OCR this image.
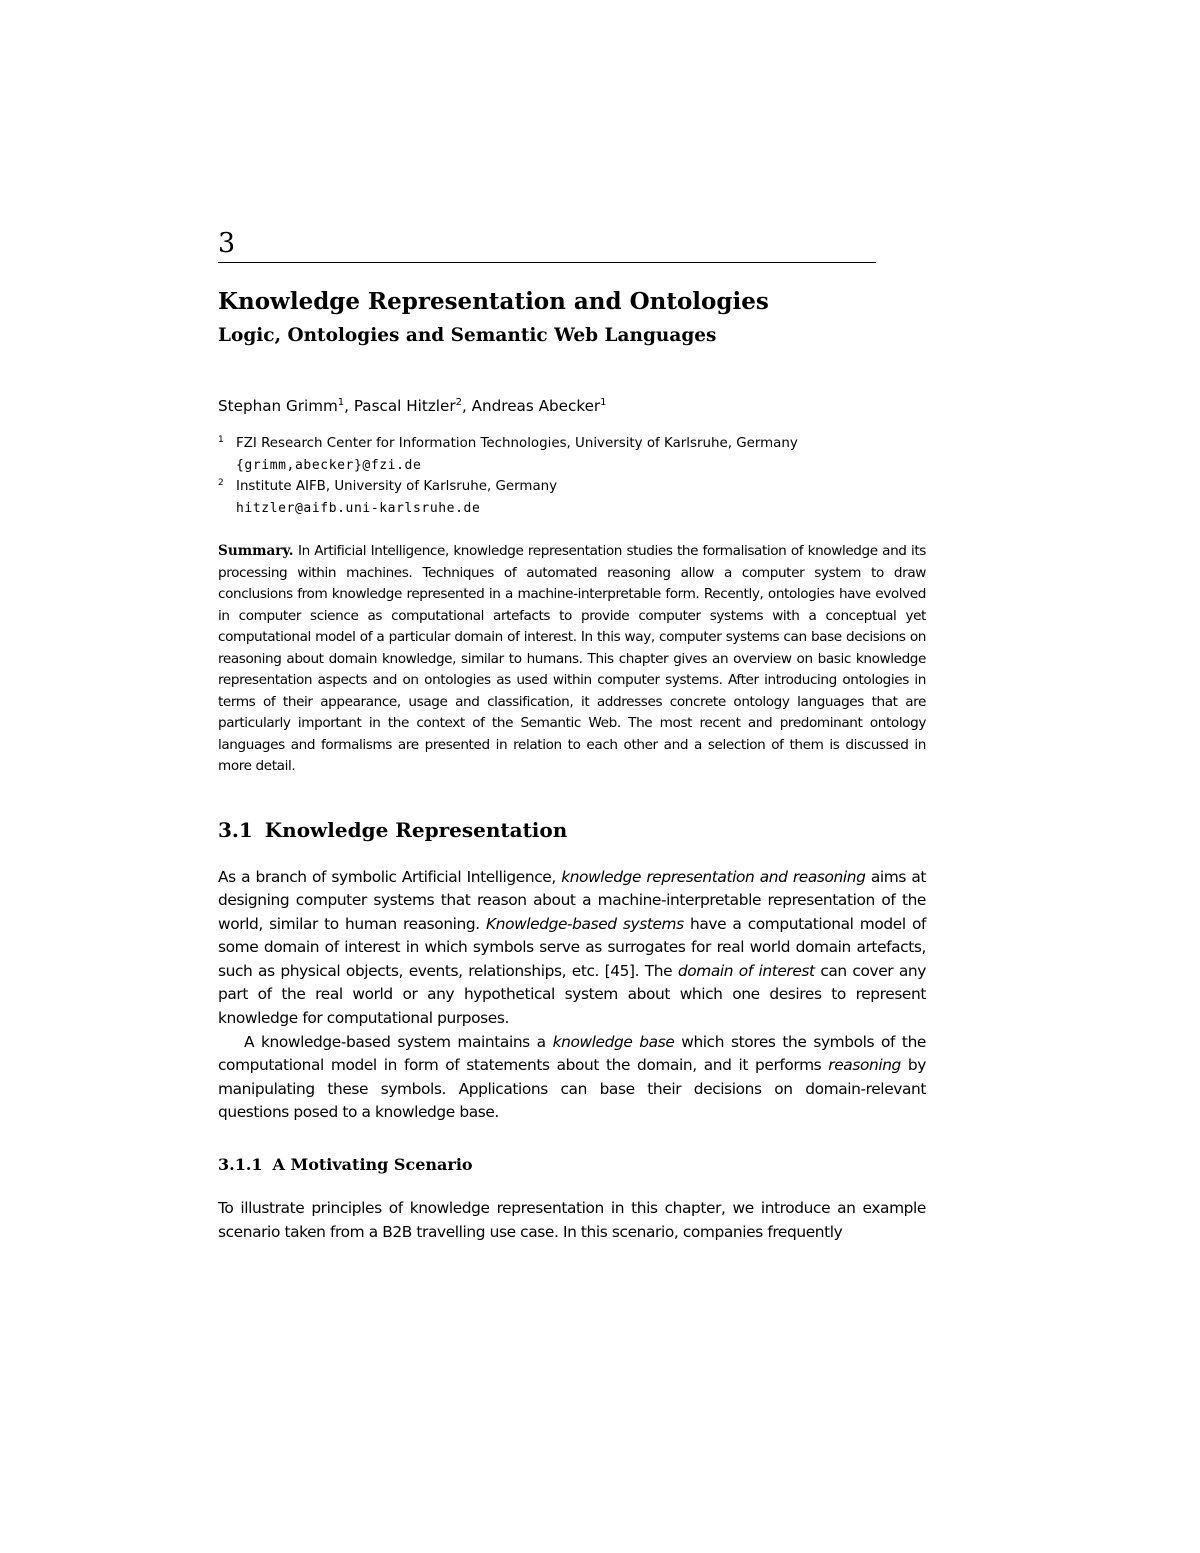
3
Knowledge Representation and Ontologies
Logic, Ontologies and Semantic Web Languages
Stephan Grimm$^1$, Pascal Hitzler$^2$, Andreas Abecker$^1$
1 FZI Research Center for Information Technologies, University of Karlsruhe, Germany
{grimm,abecker}@fzi.de
2 Institute AIFB, University of Karlsruhe, Germany
hitzler@aifb.uni-karlsruhe.de

Summary. In Artificial Intelligence, knowledge representation studies the formalisation of knowledge and its processing within machines. Techniques of automated reasoning allow a computer system to draw conclusions from knowledge represented in a machine-interpretable form. Recently, ontologies have evolved in computer science as computational artefacts to provide computer systems with a conceptual yet computational model of a particular domain of interest. In this way, computer systems can base decisions on reasoning about domain knowledge, similar to humans. This chapter gives an overview on basic knowledge representation aspects and on ontologies as used within computer systems. After introducing ontologies in terms of their appearance, usage and classification, it addresses concrete ontology languages that are particularly important in the context of the Semantic Web. The most recent and predominant ontology languages and formalisms are presented in relation to each other and a selection of them is discussed in more detail.

3.1 Knowledge Representation

As a branch of symbolic Artificial Intelligence, knowledge representation and reasoning aims at designing computer systems that reason about a machine-interpretable representation of the world, similar to human reasoning. Knowledge-based systems have a computational model of some domain of interest in which symbols serve as surrogates for real world domain artefacts, such as physical objects, events, relationships, etc. [45]. The domain of interest can cover any part of the real world or any hypothetical system about which one desires to represent knowledge for computational purposes.

A knowledge-based system maintains a knowledge base which stores the symbols of the computational model in form of statements about the domain, and it performs reasoning by manipulating these symbols. Applications can base their decisions on domain-relevant questions posed to a knowledge base.

3.1.1 A Motivating Scenario

To illustrate principles of knowledge representation in this chapter, we introduce an example scenario taken from a B2B travelling use case. In this scenario, companies frequently
